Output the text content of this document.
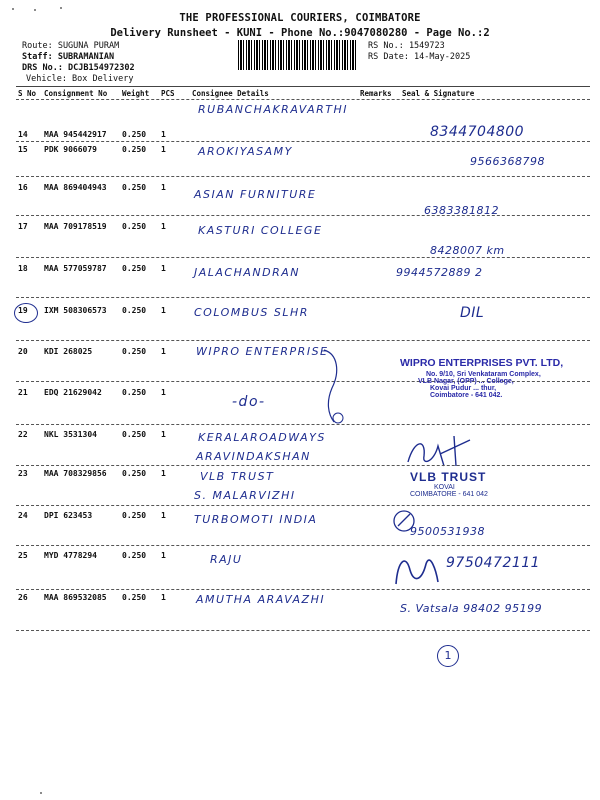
THE PROFESSIONAL COURIERS, COIMBATORE
Delivery Runsheet - KUNI - Phone No.:9047080280 - Page No.:2
Route: SUGUNA PURAM
Staff: SUBRAMANIAN
DRS No.: DCJB154972302
Vehicle: Box Delivery
RS No.: 1549723
RS Date: 14-May-2025
S No Consignment No Weight PCS Consignee Details	Remarks Seal & Signature
14 MAA 945442917 0.250 1
RUBANCHAKRAVARTHI
8344704800
15 PDK 9066079	0.250 1	AROKIYASAMY
9566368798
16 MAA 869404943 0.250 1
ASIAN FURNITURE
6383381812
17 MAA 709178519 0.250 1	KASTURI COLLEGE
8428007 km
18 MAA 577059787 0.250 1	JALACHANDRAN	9944572889 2
19 IXM 508306573 0.250 1	COLOMBUS SLHR	DIL
20 KDI 268025	0.250 1	WIPRO ENTERPRISE
21 EDQ 21629042	0.250 1
-do-
WIPRO ENTERPRISES PVT. LTD,
No. 9/10, Sri Venkataram Complex,
VLB Nagar, (OPP) ... College,
Kovai Pudur ... thur,
Coimbatore - 641 042.
22 NKL 3531304	0.250 1	KERALAROADWAYS
ARAVINDAKSHAN
23 MAA 708329856 0.250 1	VLB TRUST
S. MALARVIZHI
VLB TRUST
KOVAI
COIMBATORE - 641 042
24 DPI 623453	0.250 1	TURBOMOTI INDIA
9500531938
25 MYD 4778294	0.250 1	RAJU	9750472111
26 MAA 869532085 0.250 1	AMUTHA ARAVAZHI
S. Vatsala 98402 95199
1
